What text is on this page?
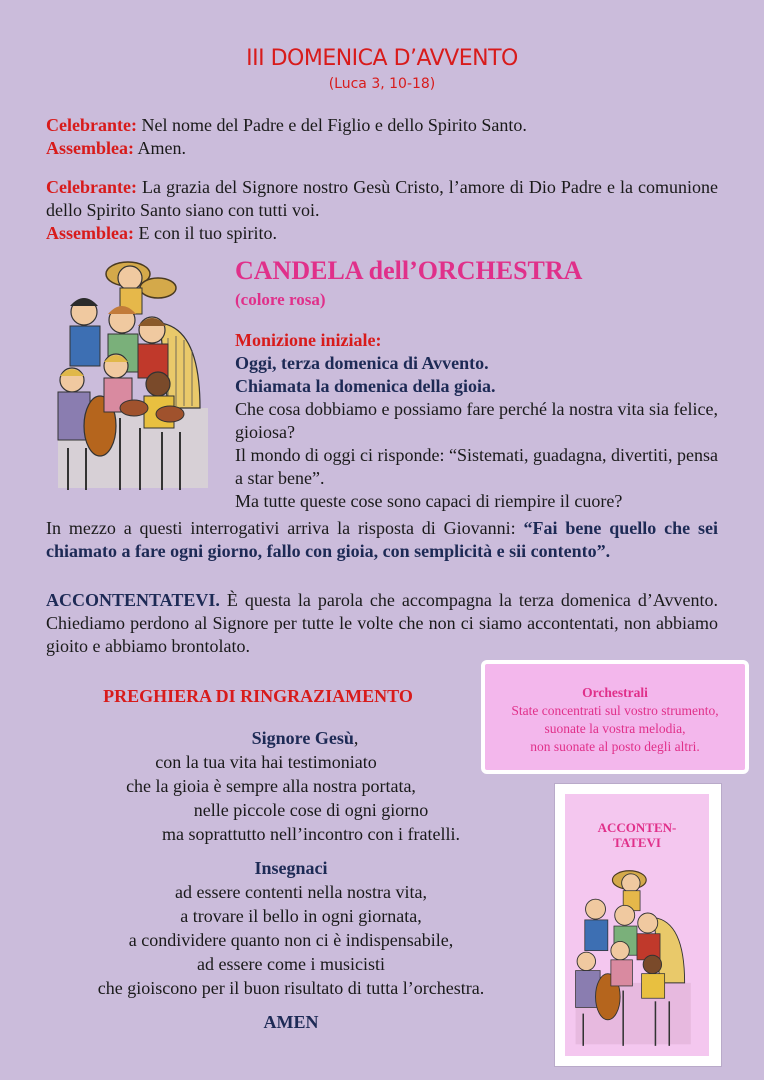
III DOMENICA D’AVVENTO
(Luca 3, 10-18)
Celebrante: Nel nome del Padre e del Figlio e dello Spirito Santo.
Assemblea: Amen.
Celebrante: La grazia del Signore nostro Gesù Cristo, l’amore di Dio Padre e la comunione dello Spirito Santo siano con tutti voi.
Assemblea: E con il tuo spirito.
CANDELA dell’ORCHESTRA
(colore rosa)
Monizione iniziale:
Oggi, terza domenica di Avvento.
Chiamata la domenica della gioia.
Che cosa dobbiamo e possiamo fare perché la nostra vita sia felice, gioiosa?
Il mondo di oggi ci risponde: “Sistemati, guadagna, divertiti, pensa a star bene”.
Ma tutte queste cose sono capaci di riempire il cuore?
In mezzo a questi interrogativi arriva la risposta di Giovanni: “Fai bene quello che sei chiamato a fare ogni giorno, fallo con gioia, con semplicità e sii contento”.
ACCONTENTATEVI. È questa la parola che accompagna la terza domenica d’Avvento. Chiediamo perdono al Signore per tutte le volte che non ci siamo accontentati, non abbiamo gioito e abbiamo brontolato.
PREGHIERA DI RINGRAZIAMENTO

Signore Gesù,

con la tua vita hai testimoniato

che la gioia è sempre alla nostra portata,

nelle piccole cose di ogni giorno

ma soprattutto nell’incontro con i fratelli.

Insegnaci

ad essere contenti nella nostra vita,

a trovare il bello in ogni giornata,

a condividere quanto non ci è indispensabile,

ad essere come i musicisti

che gioiscono per il buon risultato di tutta l’orchestra.

AMEN

Orchestrali
State concentrati sul vostro strumento,
suonate la vostra melodia,
non suonate al posto degli altri.
ACCONTEN-
TATEVI
